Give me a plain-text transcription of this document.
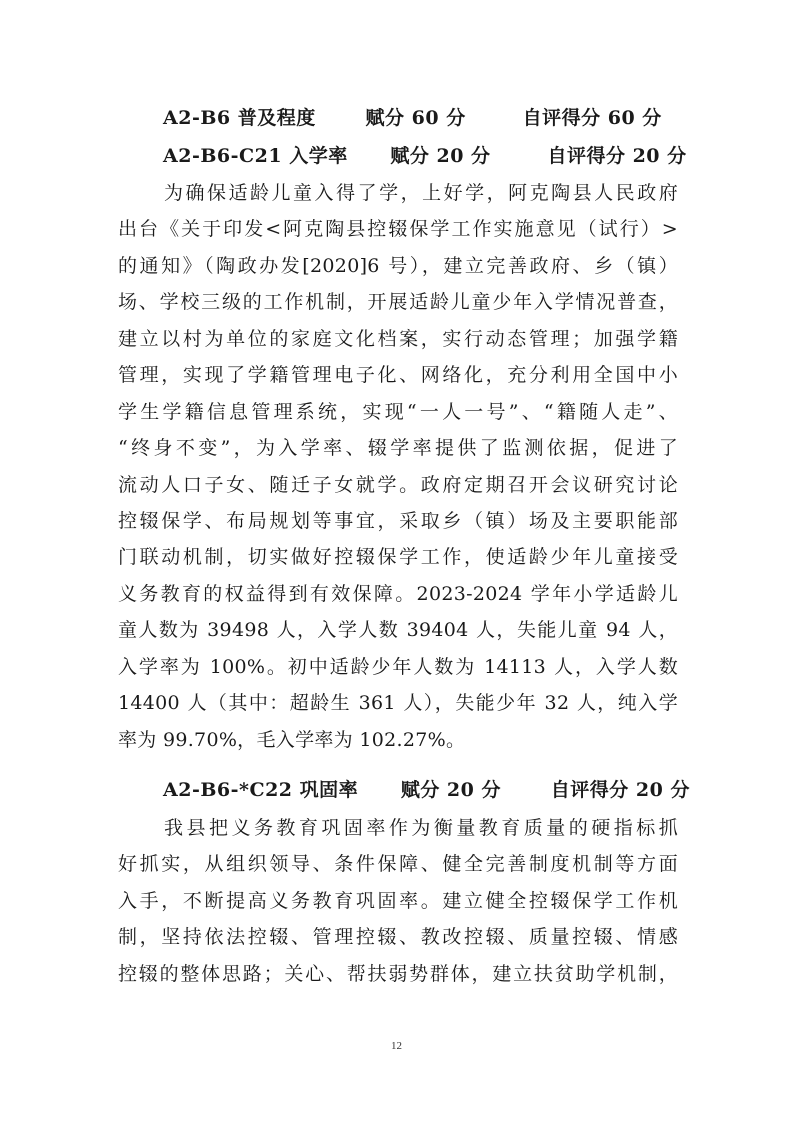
A2-B6 普及程度       赋分 60 分        自评得分 60 分
A2-B6-C21 入学率      赋分 20 分        自评得分 20 分
为确保适龄儿童入得了学，上好学，阿克陶县人民政府
出台《关于印发<阿克陶县控辍保学工作实施意见（试行）>
的通知》（陶政办发[2020]6 号），建立完善政府、乡（镇）
场、学校三级的工作机制，开展适龄儿童少年入学情况普查，
建立以村为单位的家庭文化档案，实行动态管理；加强学籍
管理，实现了学籍管理电子化、网络化，充分利用全国中小
学生学籍信息管理系统，实现“一人一号”、“籍随人走”、
“终身不变”，为入学率、辍学率提供了监测依据，促进了
流动人口子女、随迁子女就学。政府定期召开会议研究讨论
控辍保学、布局规划等事宜，采取乡（镇）场及主要职能部
门联动机制，切实做好控辍保学工作，使适龄少年儿童接受
义务教育的权益得到有效保障。2023-2024 学年小学适龄儿
童人数为 39498 人，入学人数 39404 人，失能儿童 94 人，
入学率为 100%。初中适龄少年人数为 14113 人，入学人数
14400 人（其中：超龄生 361 人），失能少年 32 人，纯入学
率为 99.70%，毛入学率为 102.27%。
A2-B6-*C22 巩固率      赋分 20 分       自评得分 20 分
我县把义务教育巩固率作为衡量教育质量的硬指标抓
好抓实，从组织领导、条件保障、健全完善制度机制等方面
入手，不断提高义务教育巩固率。建立健全控辍保学工作机
制，坚持依法控辍、管理控辍、教改控辍、质量控辍、情感
控辍的整体思路；关心、帮扶弱势群体，建立扶贫助学机制，
12
